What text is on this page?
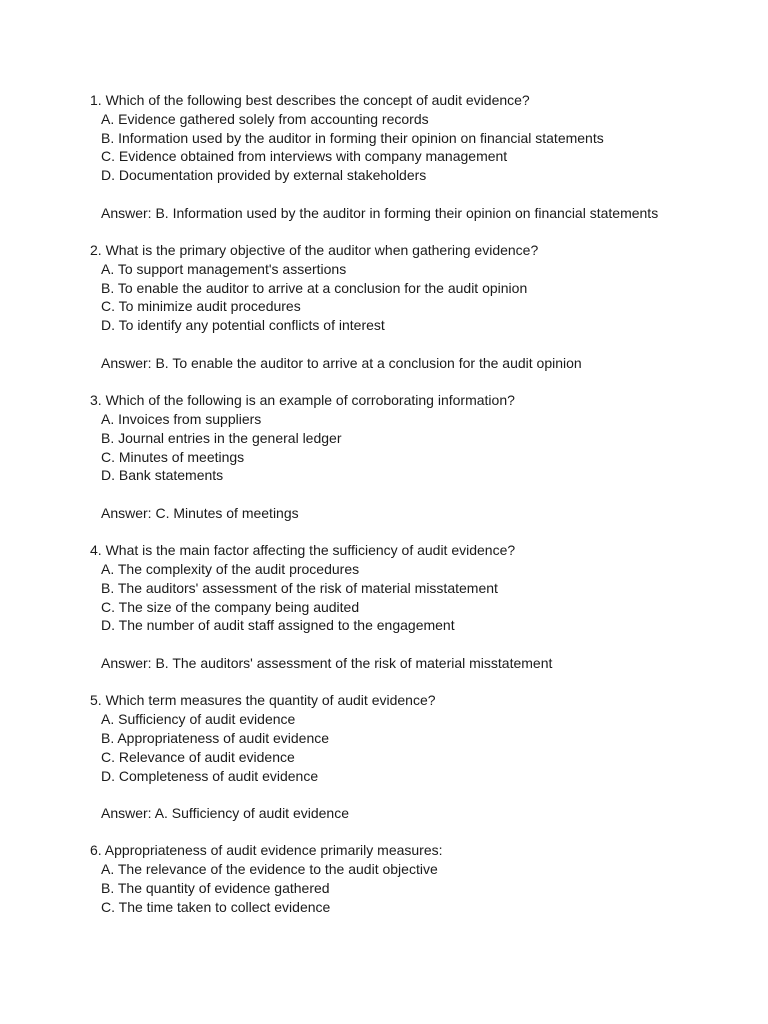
1. Which of the following best describes the concept of audit evidence?
A. Evidence gathered solely from accounting records
B. Information used by the auditor in forming their opinion on financial statements
C. Evidence obtained from interviews with company management
D. Documentation provided by external stakeholders
Answer: B. Information used by the auditor in forming their opinion on financial statements
2. What is the primary objective of the auditor when gathering evidence?
A. To support management's assertions
B. To enable the auditor to arrive at a conclusion for the audit opinion
C. To minimize audit procedures
D. To identify any potential conflicts of interest
Answer: B. To enable the auditor to arrive at a conclusion for the audit opinion
3. Which of the following is an example of corroborating information?
A. Invoices from suppliers
B. Journal entries in the general ledger
C. Minutes of meetings
D. Bank statements
Answer: C. Minutes of meetings
4. What is the main factor affecting the sufficiency of audit evidence?
A. The complexity of the audit procedures
B. The auditors' assessment of the risk of material misstatement
C. The size of the company being audited
D. The number of audit staff assigned to the engagement
Answer: B. The auditors' assessment of the risk of material misstatement
5. Which term measures the quantity of audit evidence?
A. Sufficiency of audit evidence
B. Appropriateness of audit evidence
C. Relevance of audit evidence
D. Completeness of audit evidence
Answer: A. Sufficiency of audit evidence
6. Appropriateness of audit evidence primarily measures:
A. The relevance of the evidence to the audit objective
B. The quantity of evidence gathered
C. The time taken to collect evidence
